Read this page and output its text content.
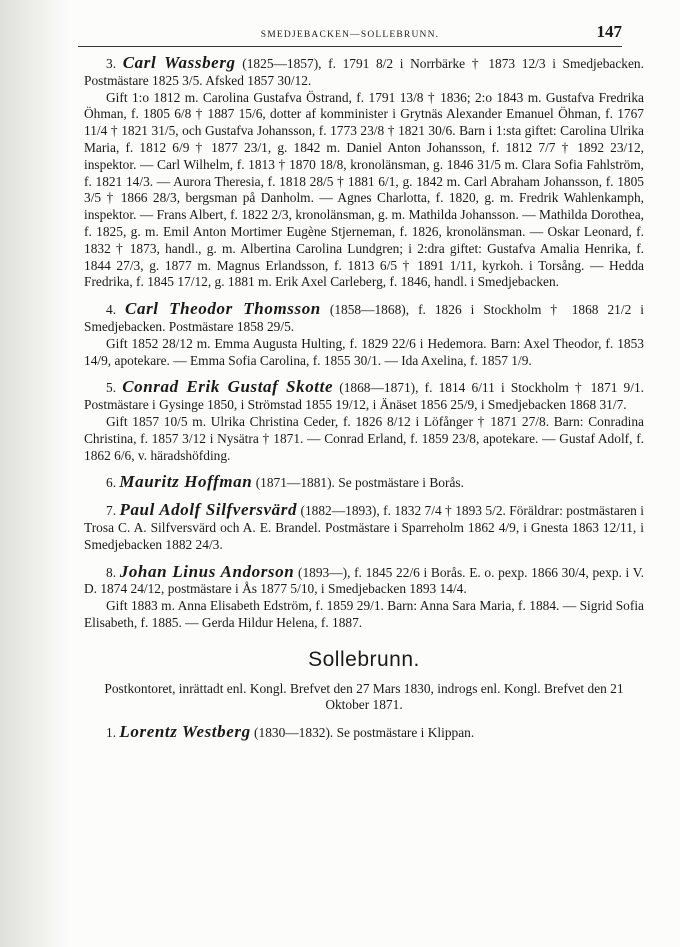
SMEDJEBACKEN—SOLLEBRUNN.	147

3. Carl Wassberg (1825—1857), f. 1791 8/2 i Norrbärke † 1873 12/3 i Smedjebacken. Postmästare 1825 3/5. Afsked 1857 30/12.

Gift 1:o 1812 m. Carolina Gustafva Östrand, f. 1791 13/8 † 1836; 2:o 1843 m. Gustafva Fredrika Öhman, f. 1805 6/8 † 1887 15/6, dotter af komminister i Grytnäs Alexander Emanuel Öhman, f. 1767 11/4 † 1821 31/5, och Gustafva Johansson, f. 1773 23/8 † 1821 30/6. Barn i 1:sta giftet: Carolina Ulrika Maria, f. 1812 6/9 † 1877 23/1, g. 1842 m. Daniel Anton Johansson, f. 1812 7/7 † 1892 23/12, inspektor. — Carl Wilhelm, f. 1813 † 1870 18/8, kronolänsman, g. 1846 31/5 m. Clara Sofia Fahlström, f. 1821 14/3. — Aurora Theresia, f. 1818 28/5 † 1881 6/1, g. 1842 m. Carl Abraham Johansson, f. 1805 3/5 † 1866 28/3, bergsman på Danholm. — Agnes Charlotta, f. 1820, g. m. Fredrik Wahlenkamph, inspektor. — Frans Albert, f. 1822 2/3, kronolänsman, g. m. Mathilda Johansson. — Mathilda Dorothea, f. 1825, g. m. Emil Anton Mortimer Eugène Stjerneman, f. 1826, kronolänsman. — Oskar Leonard, f. 1832 † 1873, handl., g. m. Albertina Carolina Lundgren; i 2:dra giftet: Gustafva Amalia Henrika, f. 1844 27/3, g. 1877 m. Magnus Erlandsson, f. 1813 6/5 † 1891 1/11, kyrkoh. i Torsång. — Hedda Fredrika, f. 1845 17/12, g. 1881 m. Erik Axel Carleberg, f. 1846, handl. i Smedjebacken.

4. Carl Theodor Thomsson (1858—1868), f. 1826 i Stockholm † 1868 21/2 i Smedjebacken. Postmästare 1858 29/5.

Gift 1852 28/12 m. Emma Augusta Hulting, f. 1829 22/6 i Hedemora. Barn: Axel Theodor, f. 1853 14/9, apotekare. — Emma Sofia Carolina, f. 1855 30/1. — Ida Axelina, f. 1857 1/9.

5. Conrad Erik Gustaf Skotte (1868—1871), f. 1814 6/11 i Stockholm † 1871 9/1. Postmästare i Gysinge 1850, i Strömstad 1855 19/12, i Änäset 1856 25/9, i Smedjebacken 1868 31/7.

Gift 1857 10/5 m. Ulrika Christina Ceder, f. 1826 8/12 i Löfånger † 1871 27/8. Barn: Conradina Christina, f. 1857 3/12 i Nysätra † 1871. — Conrad Erland, f. 1859 23/8, apotekare. — Gustaf Adolf, f. 1862 6/6, v. häradshöfding.

6. Mauritz Hoffman (1871—1881). Se postmästare i Borås.

7. Paul Adolf Silfversvärd (1882—1893), f. 1832 7/4 † 1893 5/2. Föräldrar: postmästaren i Trosa C. A. Silfversvärd och A. E. Brandel. Postmästare i Sparreholm 1862 4/9, i Gnesta 1863 12/11, i Smedjebacken 1882 24/3.

8. Johan Linus Andorson (1893—), f. 1845 22/6 i Borås. E. o. pexp. 1866 30/4, pexp. i V. D. 1874 24/12, postmästare i Ås 1877 5/10, i Smedjebacken 1893 14/4.

Gift 1883 m. Anna Elisabeth Edström, f. 1859 29/1. Barn: Anna Sara Maria, f. 1884. — Sigrid Sofia Elisabeth, f. 1885. — Gerda Hildur Helena, f. 1887.

Sollebrunn.

Postkontoret, inrättadt enl. Kongl. Brefvet den 27 Mars 1830, indrogs enl. Kongl. Brefvet den 21 Oktober 1871.

1. Lorentz Westberg (1830—1832). Se postmästare i Klippan.
